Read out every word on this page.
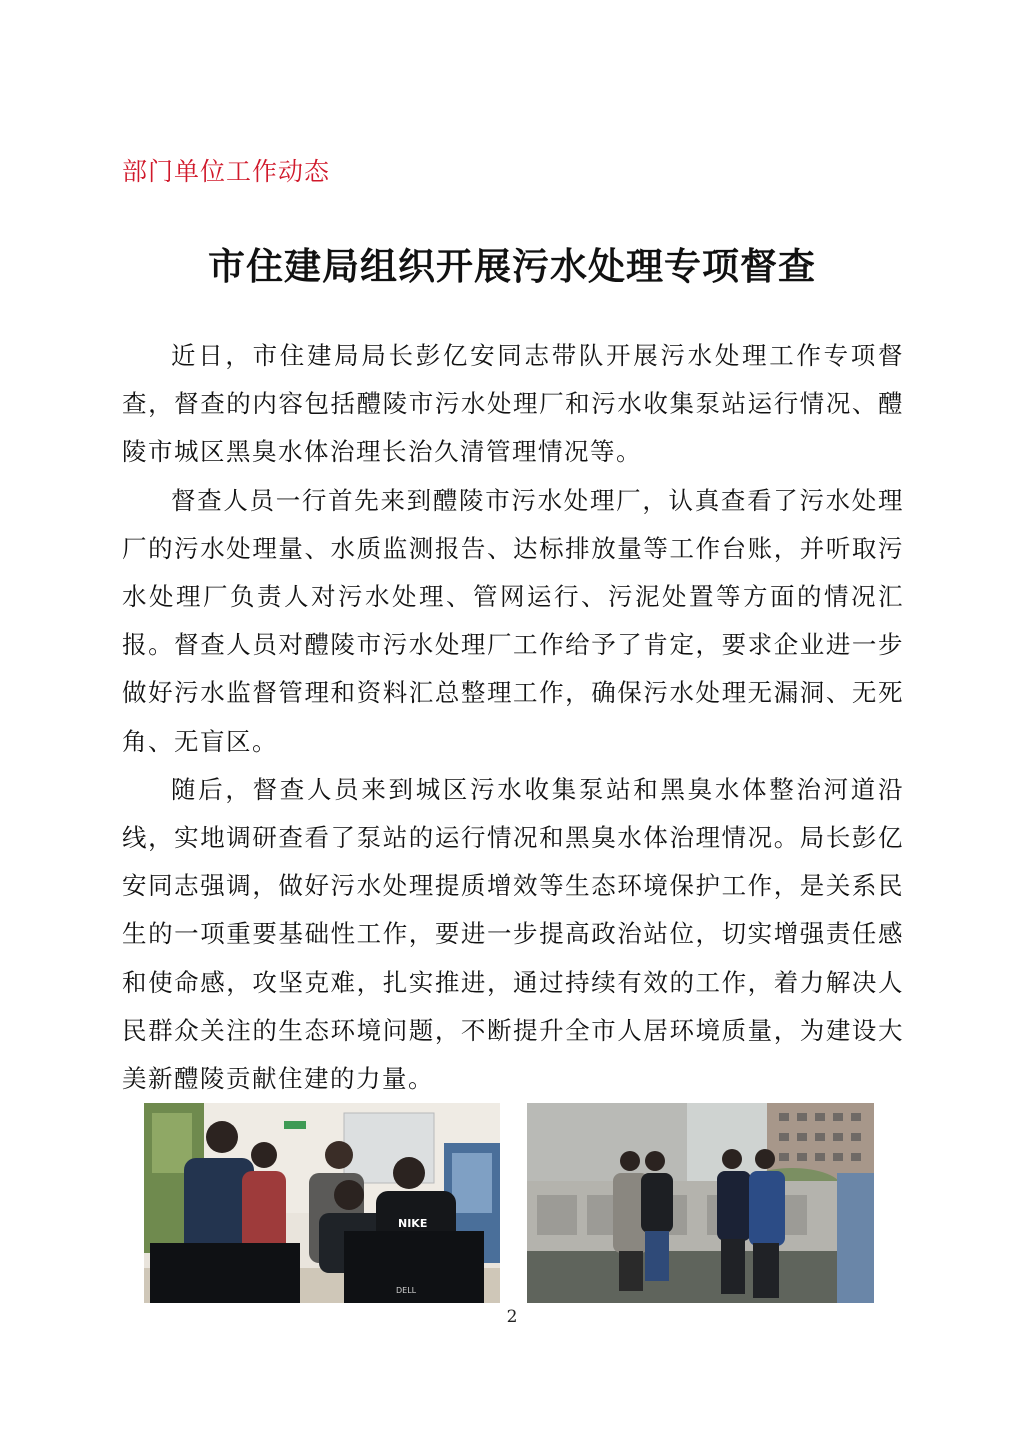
部门单位工作动态
市住建局组织开展污水处理专项督查

近日，市住建局局长彭亿安同志带队开展污水处理工作专项督查，督查的内容包括醴陵市污水处理厂和污水收集泵站运行情况、醴陵市城区黑臭水体治理长治久清管理情况等。

督查人员一行首先来到醴陵市污水处理厂，认真查看了污水处理厂的污水处理量、水质监测报告、达标排放量等工作台账，并听取污水处理厂负责人对污水处理、管网运行、污泥处置等方面的情况汇报。督查人员对醴陵市污水处理厂工作给予了肯定，要求企业进一步做好污水监督管理和资料汇总整理工作，确保污水处理无漏洞、无死角、无盲区。

随后，督查人员来到城区污水收集泵站和黑臭水体整治河道沿线，实地调研查看了泵站的运行情况和黑臭水体治理情况。局长彭亿安同志强调，做好污水处理提质增效等生态环境保护工作，是关系民生的一项重要基础性工作，要进一步提高政治站位，切实增强责任感和使命感，攻坚克难，扎实推进，通过持续有效的工作，着力解决人民群众关注的生态环境问题，不断提升全市人居环境质量，为建设大美新醴陵贡献住建的力量。

NIKE
DELL
2
